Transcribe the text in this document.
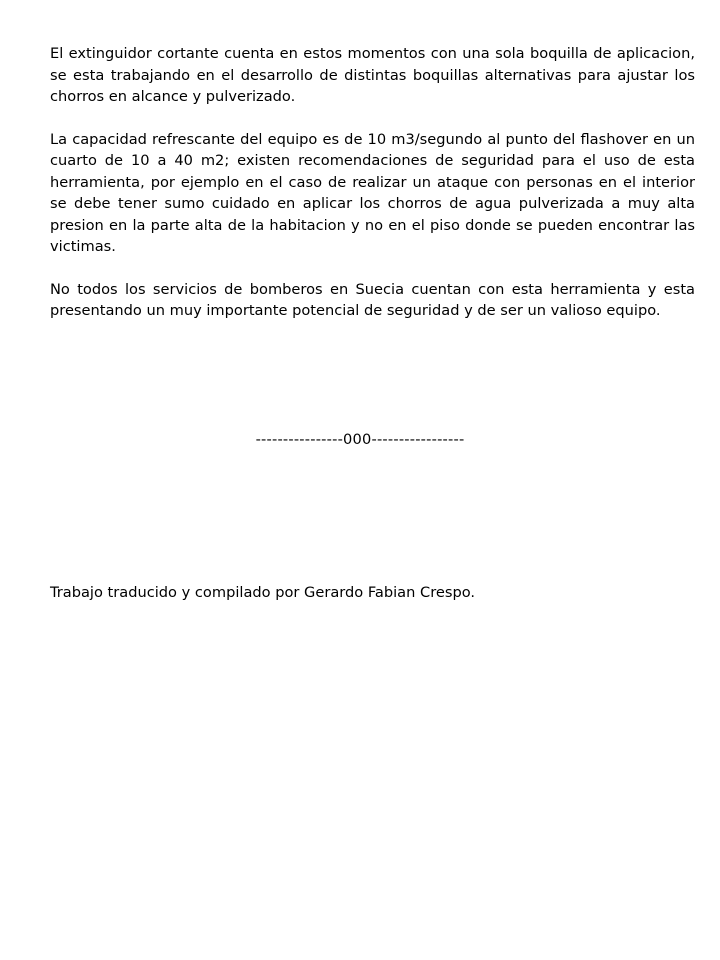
El extinguidor cortante cuenta en estos momentos con una sola boquilla de aplicacion, se esta trabajando en el desarrollo de distintas boquillas alternativas para ajustar los chorros en alcance y pulverizado.

La capacidad refrescante del equipo es de 10 m3/segundo al punto del flashover en un cuarto de 10 a 40 m2; existen recomendaciones de seguridad para el uso de esta herramienta, por ejemplo en el caso de realizar un ataque con personas en el interior se debe tener sumo cuidado en aplicar los chorros de agua pulverizada a muy alta presion en la parte alta de la habitacion y no en el piso donde se pueden encontrar las victimas.

No todos los servicios de bomberos en Suecia cuentan con esta herramienta y esta presentando un muy importante potencial de seguridad y de ser un valioso equipo.

----------------000-----------------
Trabajo traducido y compilado por Gerardo Fabian Crespo.
